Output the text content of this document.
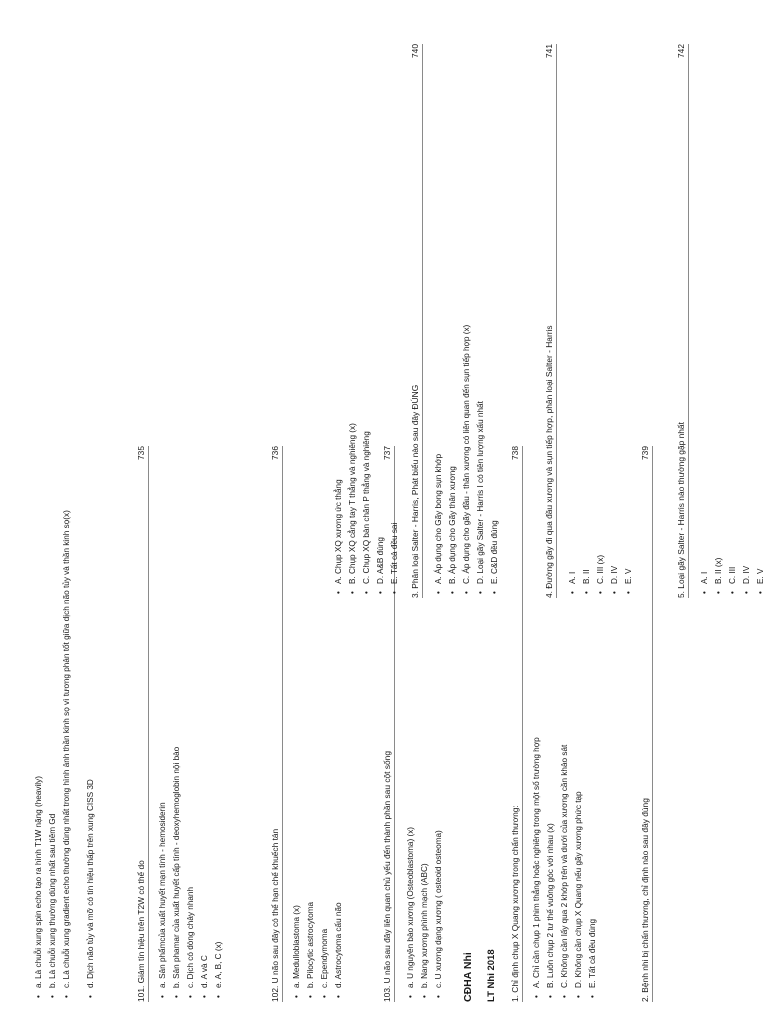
•
a. Là chuỗi xung spin echo tạo ra hình T1W nặng (heavily)
•
b. Là chuỗi xung thường dùng nhất sau tiêm Gd
•
c. Là chuỗi xung gradient echo thường dùng nhất trong hình ảnh thần kinh sọ vì tương phản tốt giữa dịch não tủy và thần kinh sọ(x)
•
d. Dịch não tủy và mỡ có tín hiệu thấp trên xung CISS 3D	101. Giảm tín hiệu trên T2W có thể do
735
•
a. Sản phẩmcủa xuất huyết mạn tính - hemosiderin
•
b. Sản phamar của xuất huyết cấp tính - deoxyhemoglobin nội bào
•
c. Dịch có dòng chảy nhanh
•
d. A và C
•
e. A, B, C (x)	102. U não sau đây có thể hạn chế khuếch tán
736
•
a. Medulloblastoma (x)
•
b. Pilocytic astrocytoma
•
c. Ependymoma
•
d. Astrocytoma cấu não	103. U não sau đây liên quan chủ yếu đến thành phần sau cột sống
737
•
a. U nguyên bào xương (Osteoblastoma) (x)
•
b. Nang xương phình mạch (ABC)
•
c. U xương dạng xương ( osteoid osteoma) CĐHA Nhi LT Nhi 2018 1. Chỉ định chụp X Quang xương trong chấn thương:
738
•
A. Chỉ cần chụp 1 phim thẳng hoặc nghiêng trong một số trường hợp
•
B. Luôn chụp 2 tư thế vuông góc với nhau (x)
•
C. Không cần lấy qua 2 khớp trên và dưới của xương cần khảo sát
•
D. Không cần chụp X Quang nếu gãy xương phức tạp
•
E. Tất cả đều đúng	2. Bệnh nhi bị chấn thương, chỉ định nào sau đây đúng
739
•
A. Chụp XQ xương ức thẳng
•
B. Chụp XQ cẳng tay T thẳng và nghiêng (x)
•
C. Chụp XQ bàn chân P thẳng và nghiêng
•
D. A&B đúng
•
E. Tất cả đều sai 3. Phân loại Salter - Harris, Phát biểu nào sau đây ĐÚNG
740
•
A. Áp dụng cho Gãy bong sụn khớp
•
B. Áp dụng cho Gãy thân xương
•
C. Áp dụng cho gãy đầu - thân xương có liên quan đến sụn tiếp hợp (x)
•
D. Loại gãy Salter - Harris I có tiên lượng xấu nhất
•
E. C&D đều đúng	4. Đường gãy đi qua đầu xương và sụn tiếp hợp, phân loại Salter - Harris
741
•
A. I
•
B. II
•
C. III (x)
•
D. IV
•
E. V	5. Loại gãy Salter - Harris nào thường gặp nhất
742
•
A. I
•
B. II (x)
•
C. III
•
D. IV
•
E. V
